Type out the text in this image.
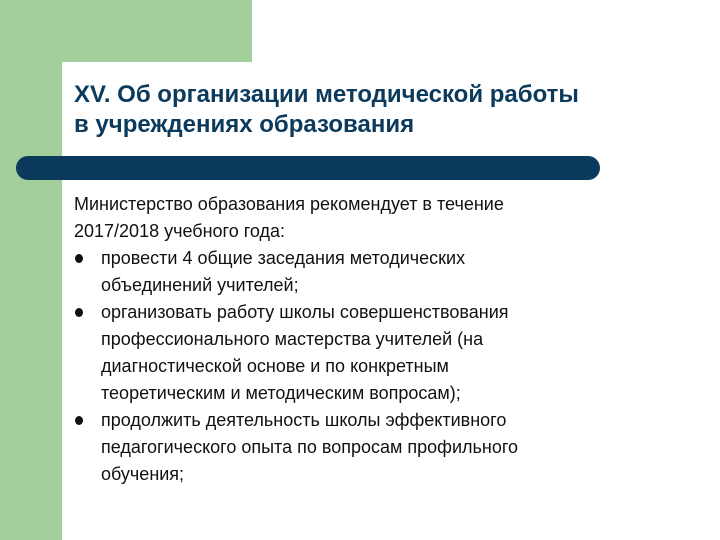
XV. Об организации методической работы
в учреждениях образования

Министерство образования рекомендует в течение
2017/2018 учебного года:

провести 4 общие заседания методических
объединений учителей;
организовать работу школы совершенствования
профессионального мастерства учителей (на
диагностической основе и по конкретным
теоретическим и методическим вопросам);
продолжить деятельность школы эффективного
педагогического опыта по вопросам профильного
обучения;
